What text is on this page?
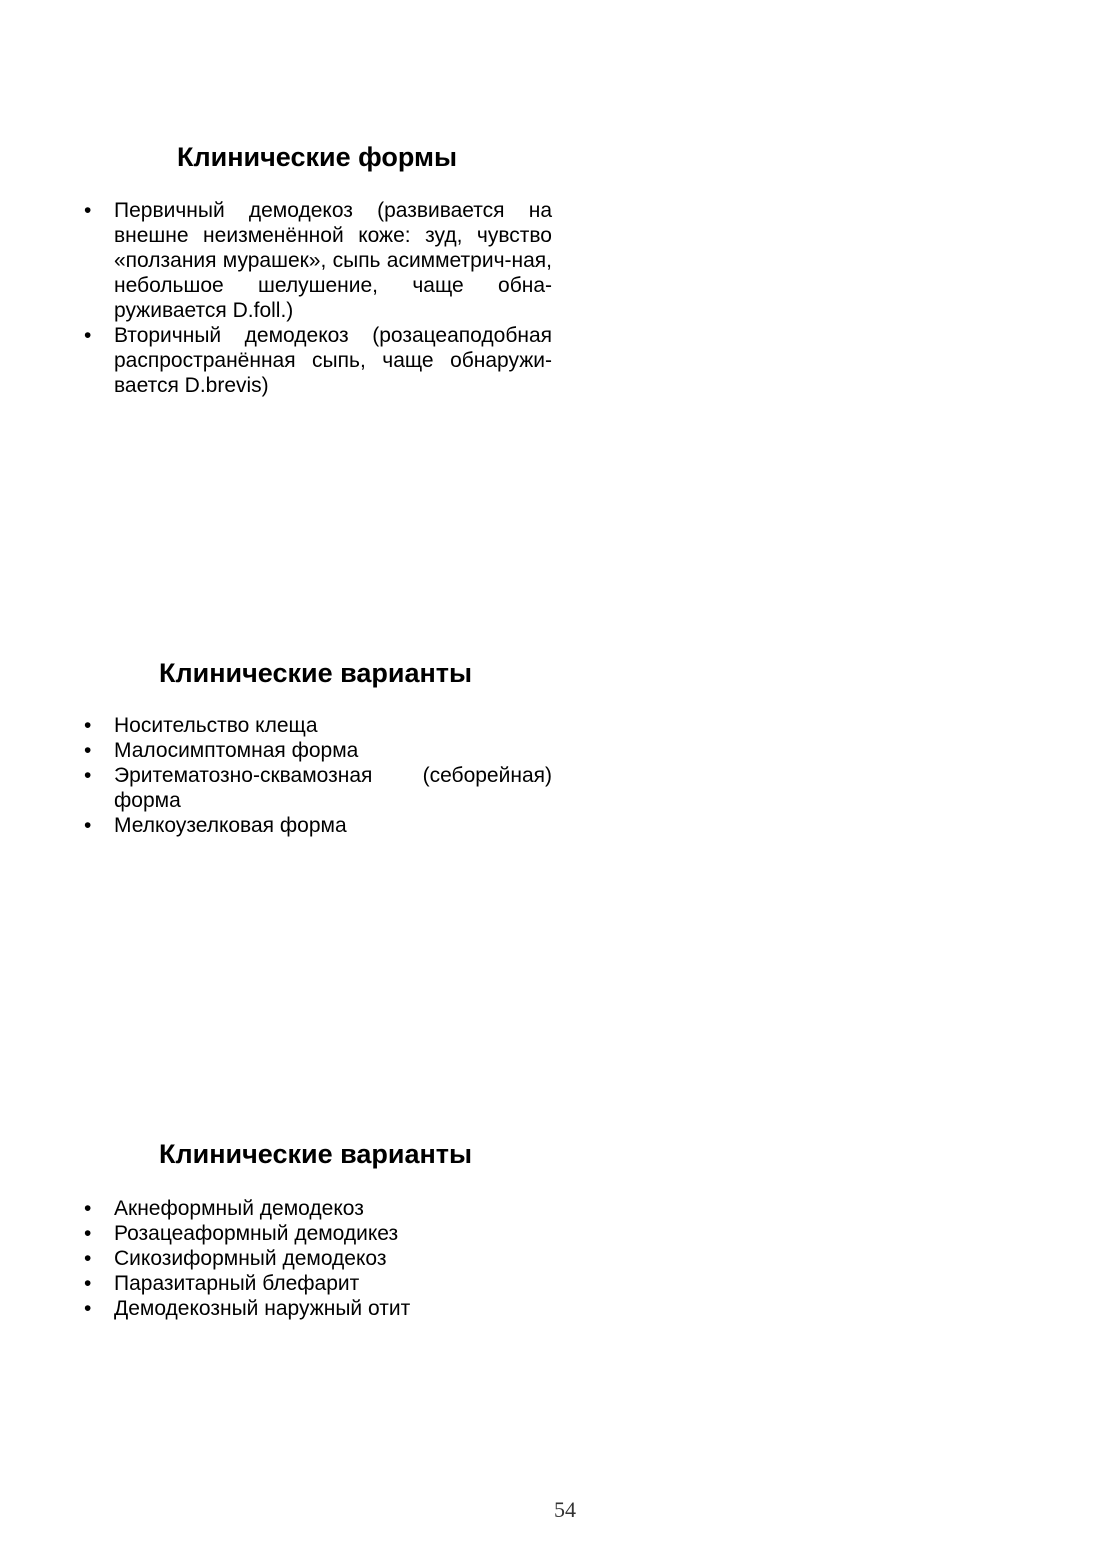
Клинические формы
• Первичный демодекоз (развивается на внешне неизменённой коже: зуд, чувство «ползания мурашек», сыпь асимметрич-ная, небольшое шелушение, чаще обна-руживается D.foll.)
• Вторичный демодекоз (розацеаподобная распространённая сыпь, чаще обнаружи-вается D.brevis)
Клинические варианты
• Носительство клеща
• Малосимптомная форма
• Эритематозно-сквамозная (себорейная) форма
• Мелкоузелковая форма
Клинические варианты
• Акнеформный демодекоз
• Розацеаформный демодикез
• Сикозиформный демодекоз
• Паразитарный блефарит
• Демодекозный наружный отит
54
